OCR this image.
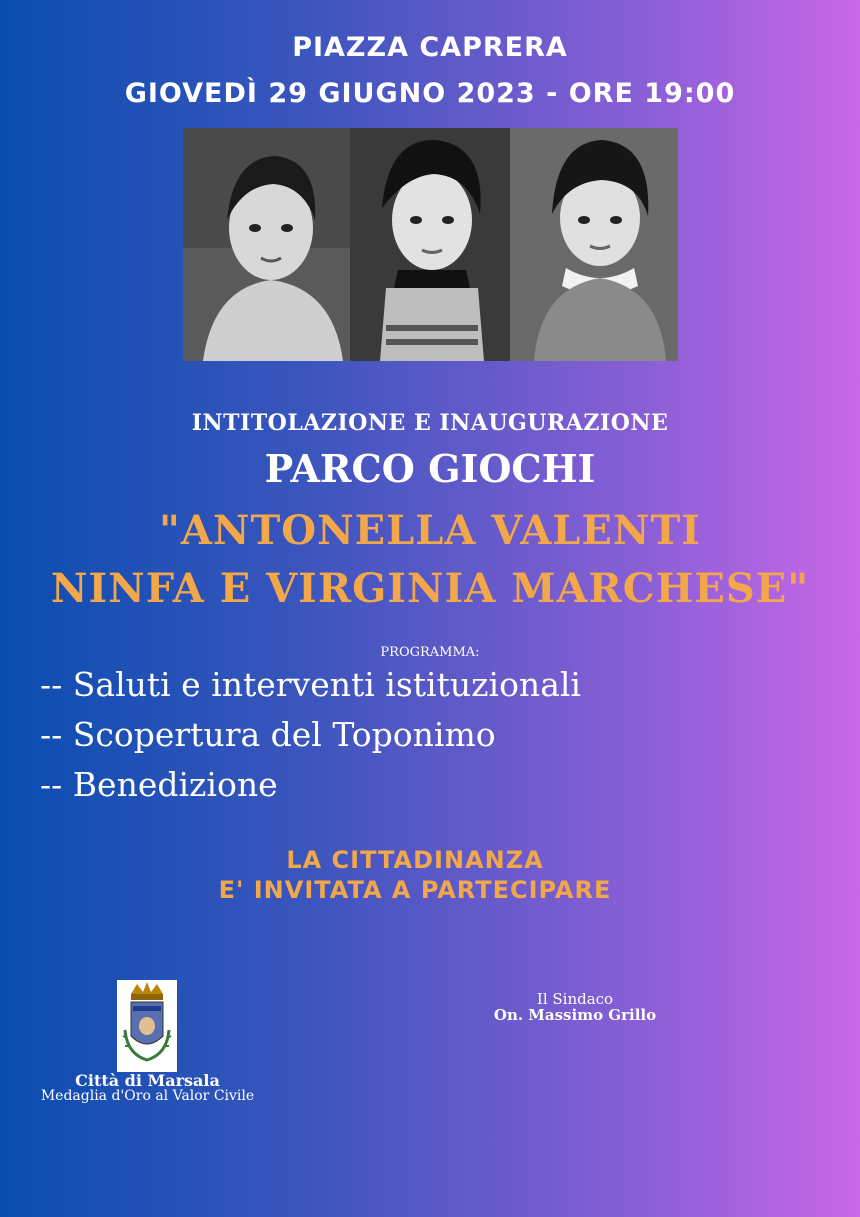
PIAZZA CAPRERA
GIOVEDÌ 29 GIUGNO 2023 - ORE 19:00
INTITOLAZIONE E INAUGURAZIONE
PARCO GIOCHI
"ANTONELLA VALENTI
NINFA E VIRGINIA MARCHESE"
PROGRAMMA:
-- Saluti e interventi istituzionali
-- Scopertura del Toponimo
-- Benedizione
LA CITTADINANZA
E' INVITATA A PARTECIPARE
Città di Marsala
Medaglia d'Oro al Valor Civile
Il Sindaco
On. Massimo Grillo
